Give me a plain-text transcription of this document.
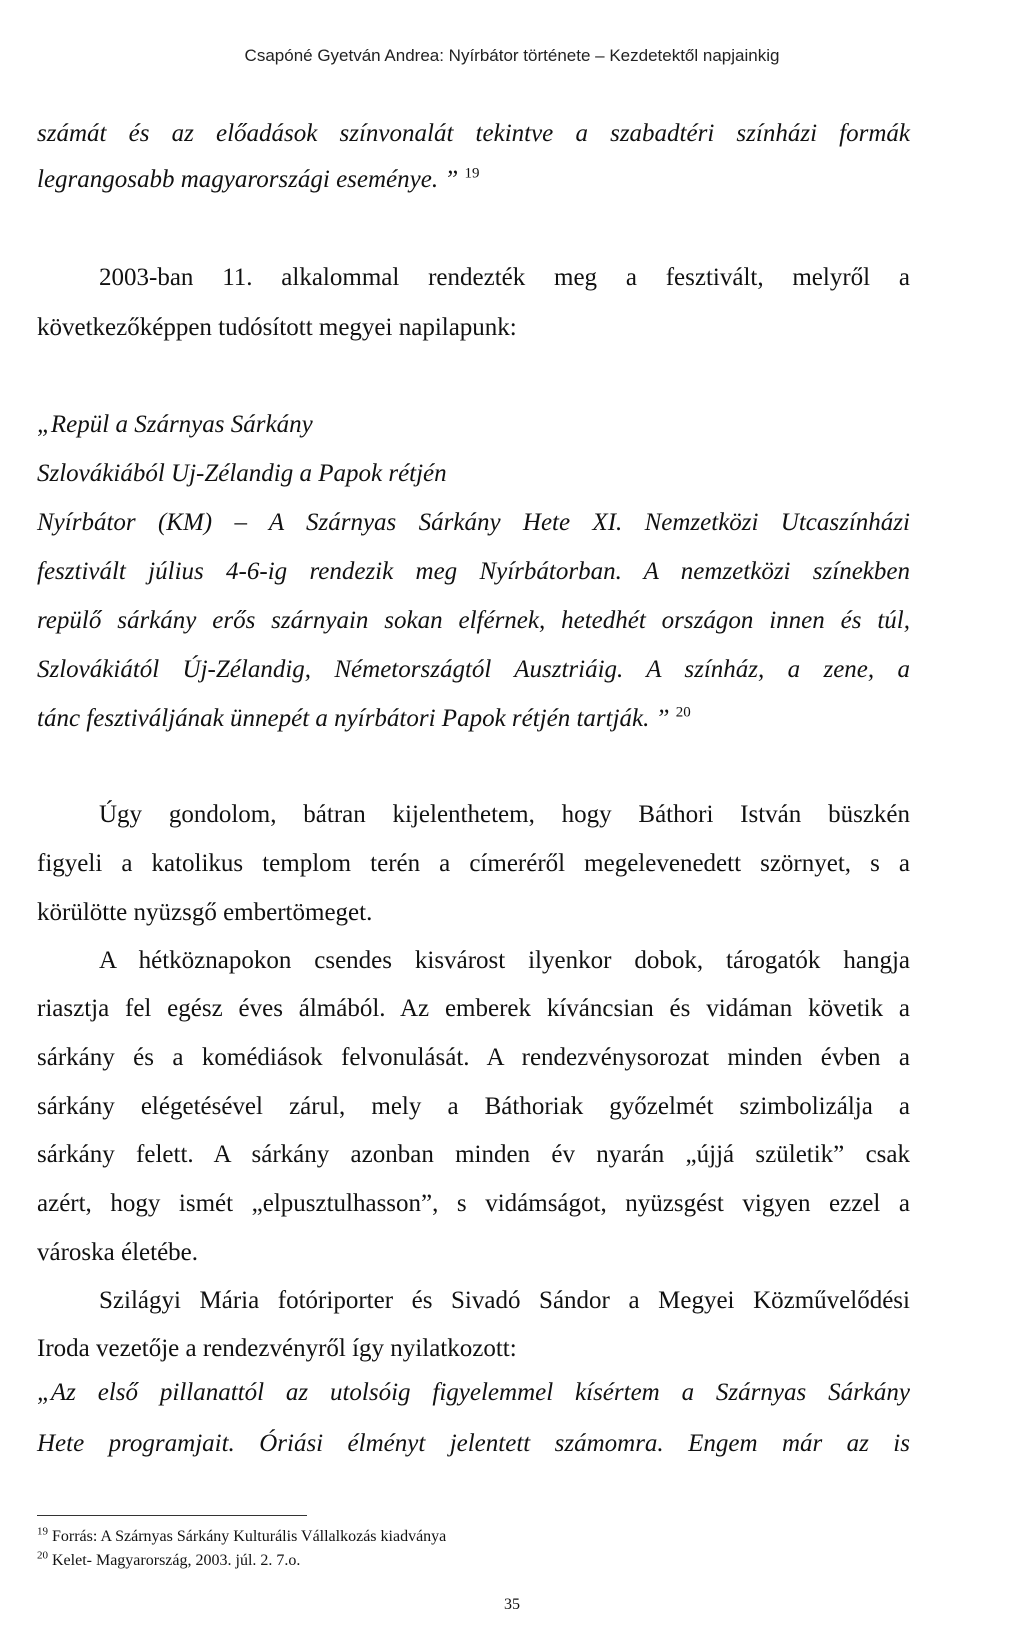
Csapóné Gyetván Andrea: Nyírbátor története – Kezdetektől napjainkig
számát és az előadások színvonalát tekintve a szabadtéri színházi formák
legrangosabb magyarországi eseménye. ” $^{19}$
2003-ban 11. alkalommal rendezték meg a fesztivált, melyről a
következőképpen tudósított megyei napilapunk:
„Repül a Szárnyas Sárkány
Szlovákiából Uj-Zélandig a Papok rétjén
Nyírbátor (KM) – A Szárnyas Sárkány Hete XI. Nemzetközi Utcaszínházi
fesztivált július 4-6-ig rendezik meg Nyírbátorban. A nemzetközi színekben
repülő sárkány erős szárnyain sokan elférnek, hetedhét országon innen és túl,
Szlovákiától Új-Zélandig, Németországtól Ausztriáig. A színház, a zene, a
tánc fesztiváljának ünnepét a nyírbátori Papok rétjén tartják. ” $^{20}$
Úgy gondolom, bátran kijelenthetem, hogy Báthori István büszkén
figyeli a katolikus templom terén a címeréről megelevenedett szörnyet, s a
körülötte nyüzsgő embertömeget.
A hétköznapokon csendes kisvárost ilyenkor dobok, tárogatók hangja
riasztja fel egész éves álmából. Az emberek kíváncsian és vidáman követik a
sárkány és a komédiások felvonulását. A rendezvénysorozat minden évben a
sárkány elégetésével zárul, mely a Báthoriak győzelmét szimbolizálja a
sárkány felett. A sárkány azonban minden év nyarán „újjá születik” csak
azért, hogy ismét „elpusztulhasson”, s vidámságot, nyüzsgést vigyen ezzel a
városka életébe.
Szilágyi Mária fotóriporter és Sivadó Sándor a Megyei Közművelődési
Iroda vezetője a rendezvényről így nyilatkozott:
„Az első pillanattól az utolsóig figyelemmel kísértem a Szárnyas Sárkány
Hete programjait. Óriási élményt jelentett számomra. Engem már az is
$^{19}$ Forrás: A Szárnyas Sárkány Kulturális Vállalkozás kiadványa
$^{20}$ Kelet- Magyarország, 2003. júl. 2. 7.o.
35
